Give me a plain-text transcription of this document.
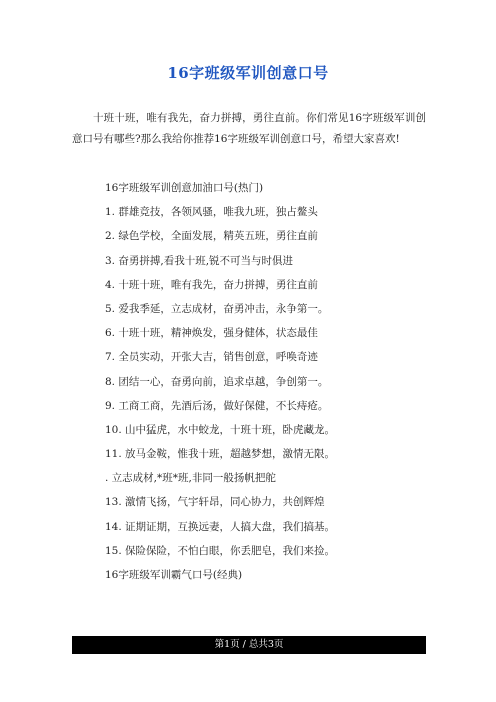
16字班级军训创意口号
十班十班，唯有我先，奋力拼搏，勇往直前。你们常见16字班级军训创意口号有哪些?那么我给你推荐16字班级军训创意口号，希望大家喜欢!
16字班级军训创意加油口号(热门)
1. 群雄竞技，各领风骚，唯我九班，独占鳌头
2. 绿色学校，全面发展，精英五班，勇往直前
3. 奋勇拼搏,看我十班,锐不可当与时俱进
4. 十班十班，唯有我先，奋力拼搏，勇往直前
5. 爱我季延，立志成材，奋勇冲击，永争第一。
6. 十班十班，精神焕发，强身健体，状态最佳
7. 全员实动，开张大吉，销售创意，呼唤奇迹
8. 团结一心，奋勇向前，追求卓越，争创第一。
9. 工商工商，先酒后汤，做好保健，不长痔疮。
10. 山中猛虎，水中蛟龙，十班十班，卧虎藏龙。
11. 放马金鞍，惟我十班，超越梦想，激情无限。
. 立志成材,*班*班,非同一般扬帆把舵
13. 激情飞扬，气宇轩昂，同心协力，共创辉煌
14. 证期证期，互换远妻，人搞大盘，我们搞基。
15. 保险保险，不怕白眼，你丢肥皂，我们来捡。
16字班级军训霸气口号(经典)
第1页 / 总共3页
